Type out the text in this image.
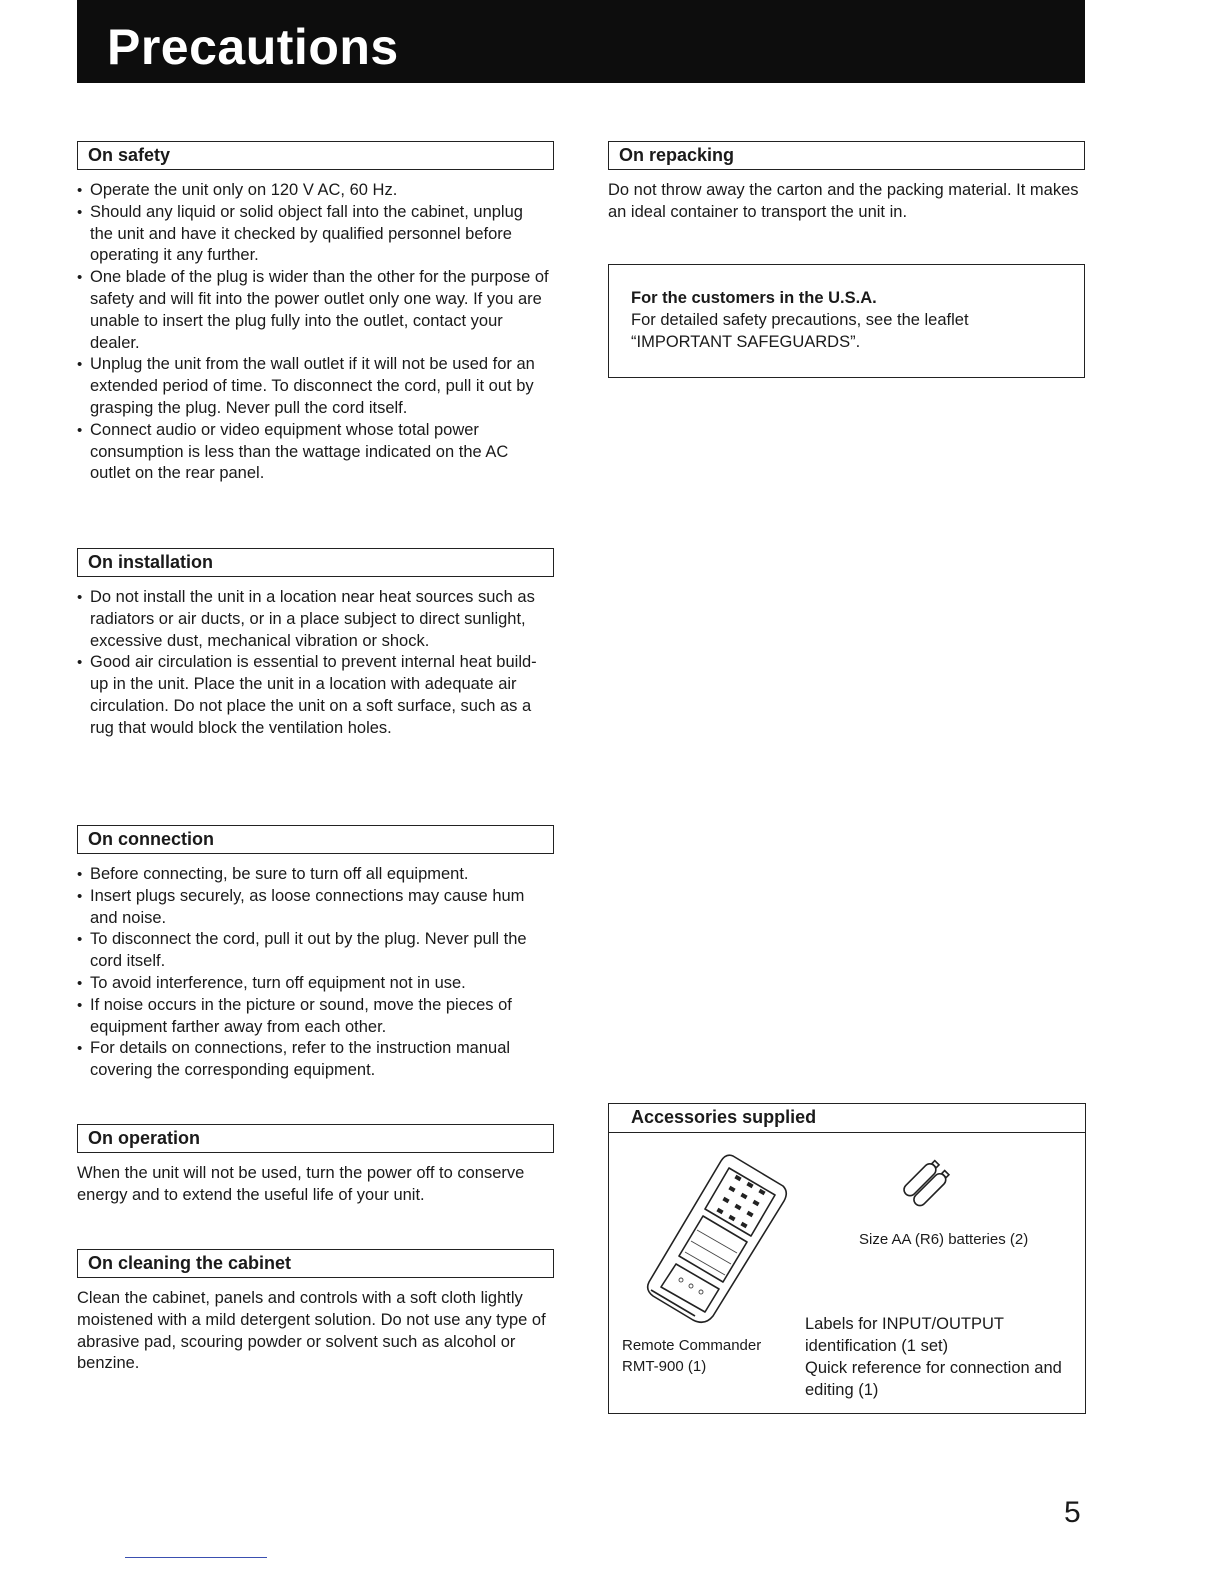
Precautions
On safety
• Operate the unit only on 120 V AC, 60 Hz.
• Should any liquid or solid object fall into the cabinet, unplug the unit and have it checked by qualified personnel before operating it any further.
• One blade of the plug is wider than the other for the purpose of safety and will fit into the power outlet only one way. If you are unable to insert the plug fully into the outlet, contact your dealer.
• Unplug the unit from the wall outlet if it will not be used for an extended period of time. To disconnect the cord, pull it out by grasping the plug. Never pull the cord itself.
• Connect audio or video equipment whose total power consumption is less than the wattage indicated on the AC outlet on the rear panel.
On installation
• Do not install the unit in a location near heat sources such as radiators or air ducts, or in a place subject to direct sunlight, excessive dust, mechanical vibration or shock.
• Good air circulation is essential to prevent internal heat build-up in the unit. Place the unit in a location with adequate air circulation. Do not place the unit on a soft surface, such as a rug that would block the ventilation holes.
On connection
• Before connecting, be sure to turn off all equipment.
• Insert plugs securely, as loose connections may cause hum and noise.
• To disconnect the cord, pull it out by the plug. Never pull the cord itself.
• To avoid interference, turn off equipment not in use.
• If noise occurs in the picture or sound, move the pieces of equipment farther away from each other.
• For details on connections, refer to the instruction manual covering the corresponding equipment.
On operation

When the unit will not be used, turn the power off to conserve energy and to extend the useful life of your unit.

On cleaning the cabinet

Clean the cabinet, panels and controls with a soft cloth lightly moistened with a mild detergent solution. Do not use any type of abrasive pad, scouring powder or solvent such as alcohol or benzine.

On repacking

Do not throw away the carton and the packing material. It makes an ideal container to transport the unit in.

For the customers in the U.S.A.
For detailed safety precautions, see the leaflet “IMPORTANT SAFEGUARDS”.
Accessories supplied
Size AA (R6) batteries (2)
Remote Commander
RMT-900 (1)
Labels for INPUT/OUTPUT identification (1 set)
Quick reference for connection and editing (1)
5
